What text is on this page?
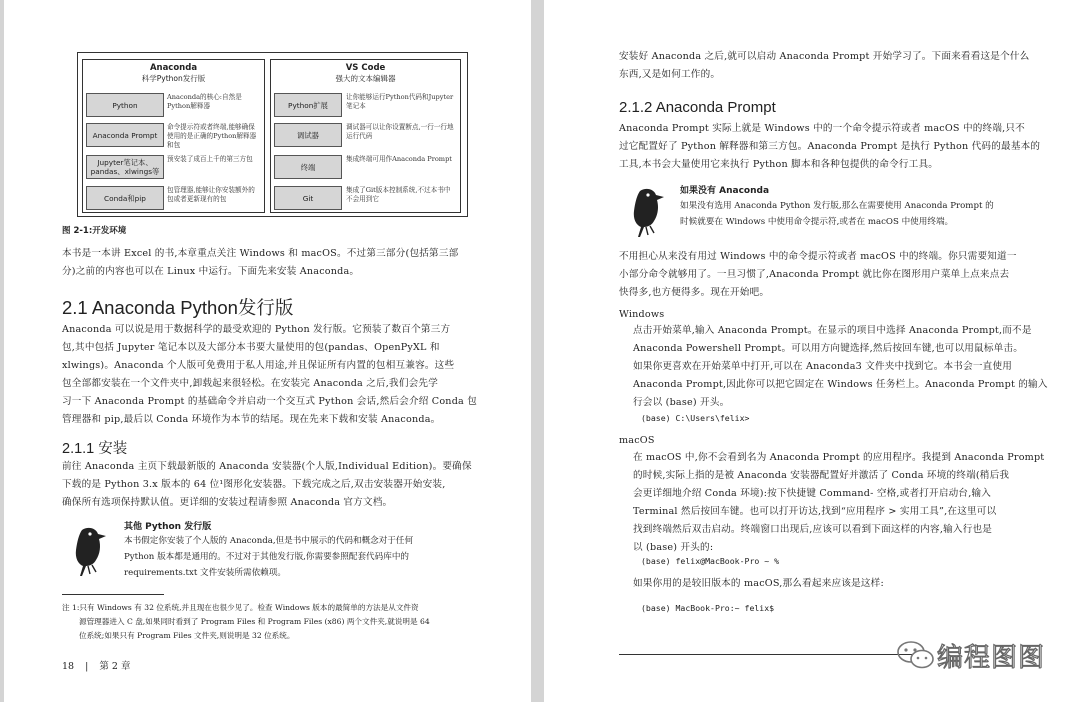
Anaconda
科学Python发行版
Python
Anaconda的核心:自然是Python解释器
Anaconda Prompt
命令提示符或者终端,能够确保使用的是正确的Python解释器和包
Jupyter笔记本、pandas、xlwings等
预安装了成百上千的第三方包
Conda和pip
包管理器,能够让你安装额外的包或者更新现有的包
VS Code
强大的文本编辑器
Python扩展
让你能够运行Python代码和Jupyter笔记本
调试器
调试器可以让你设置断点,一行一行地运行代码
终端
集成终端可用作Anaconda Prompt
Git
集成了Git版本控制系统,不过本书中不会用到它
图 2-1:开发环境
本书是一本讲 Excel 的书,本章重点关注 Windows 和 macOS。不过第三部分(包括第三部
分)之前的内容也可以在 Linux 中运行。下面先来安装 Anaconda。
2.1 Anaconda Python发行版
Anaconda 可以说是用于数据科学的最受欢迎的 Python 发行版。它预装了数百个第三方
包,其中包括 Jupyter 笔记本以及大部分本书要大量使用的包(pandas、OpenPyXL 和
xlwings)。Anaconda 个人版可免费用于私人用途,并且保证所有内置的包相互兼容。这些
包全部都安装在一个文件夹中,卸载起来很轻松。在安装完 Anaconda 之后,我们会先学
习一下 Anaconda Prompt 的基础命令并启动一个交互式 Python 会话,然后会介绍 Conda 包
管理器和 pip,最后以 Conda 环境作为本节的结尾。现在先来下载和安装 Anaconda。
2.1.1 安装
前往 Anaconda 主页下载最新版的 Anaconda 安装器(个人版,Individual Edition)。要确保
下载的是 Python 3.x 版本的 64 位¹图形化安装器。下载完成之后,双击安装器开始安装,
确保所有选项保持默认值。更详细的安装过程请参照 Anaconda 官方文档。
其他 Python 发行版
本书假定你安装了个人版的 Anaconda,但是书中展示的代码和概念对于任何
Python 版本都是通用的。不过对于其他发行版,你需要参照配套代码库中的
requirements.txt 文件安装所需依赖项。
注 1:只有 Windows 有 32 位系统,并且现在也很少见了。检查 Windows 版本的最简单的方法是从文件资
源管理器进入 C 盘,如果同时看到了 Program Files 和 Program Files (x86) 两个文件夹,就说明是 64
位系统;如果只有 Program Files 文件夹,则说明是 32 位系统。
18 | 第 2 章
安装好 Anaconda 之后,就可以启动 Anaconda Prompt 开始学习了。下面来看看这是个什么
东西,又是如何工作的。
2.1.2 Anaconda Prompt
Anaconda Prompt 实际上就是 Windows 中的一个命令提示符或者 macOS 中的终端,只不
过它配置好了 Python 解释器和第三方包。Anaconda Prompt 是执行 Python 代码的最基本的
工具,本书会大量使用它来执行 Python 脚本和各种包提供的命令行工具。
如果没有 Anaconda
如果没有选用 Anaconda Python 发行版,那么在需要使用 Anaconda Prompt 的
时候就要在 Windows 中使用命令提示符,或者在 macOS 中使用终端。
不用担心从来没有用过 Windows 中的命令提示符或者 macOS 中的终端。你只需要知道一
小部分命令就够用了。一旦习惯了,Anaconda Prompt 就比你在图形用户菜单上点来点去
快得多,也方便得多。现在开始吧。
Windows
点击开始菜单,输入 Anaconda Prompt。在显示的项目中选择 Anaconda Prompt,而不是
Anaconda Powershell Prompt。可以用方向键选择,然后按回车键,也可以用鼠标单击。
如果你更喜欢在开始菜单中打开,可以在 Anaconda3 文件夹中找到它。本书会一直使用
Anaconda Prompt,因此你可以把它固定在 Windows 任务栏上。Anaconda Prompt 的输入
行会以 (base) 开头。
(base) C:\Users\felix>
macOS
在 macOS 中,你不会看到名为 Anaconda Prompt 的应用程序。我提到 Anaconda Prompt
的时候,实际上指的是被 Anaconda 安装器配置好并激活了 Conda 环境的终端(稍后我
会更详细地介绍 Conda 环境):按下快捷键 Command- 空格,或者打开启动台,输入
Terminal 然后按回车键。也可以打开访达,找到“应用程序 > 实用工具”,在这里可以
找到终端然后双击启动。终端窗口出现后,应该可以看到下面这样的内容,输入行也是
以 (base) 开头的:
(base) felix@MacBook-Pro ~ %
如果你用的是较旧版本的 macOS,那么看起来应该是这样:
(base) MacBook-Pro:~ felix$
编程图图
